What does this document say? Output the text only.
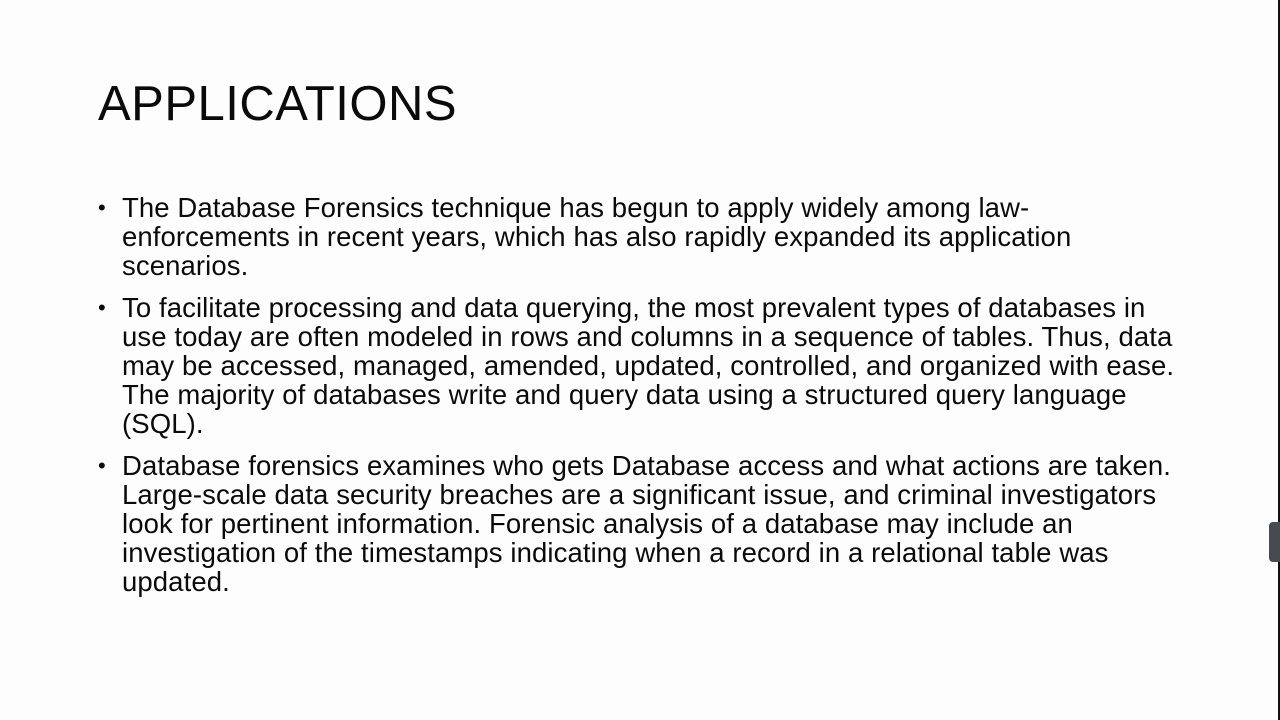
APPLICATIONS
• The Database Forensics technique has begun to apply widely among law-enforcements in recent years, which has also rapidly expanded its application scenarios.
• To facilitate processing and data querying, the most prevalent types of databases in use today are often modeled in rows and columns in a sequence of tables. Thus, data may be accessed, managed, amended, updated, controlled, and organized with ease. The majority of databases write and query data using a structured query language (SQL).
• Database forensics examines who gets Database access and what actions are taken. Large-scale data security breaches are a significant issue, and criminal investigators look for pertinent information. Forensic analysis of a database may include an investigation of the timestamps indicating when a record in a relational table was updated.
